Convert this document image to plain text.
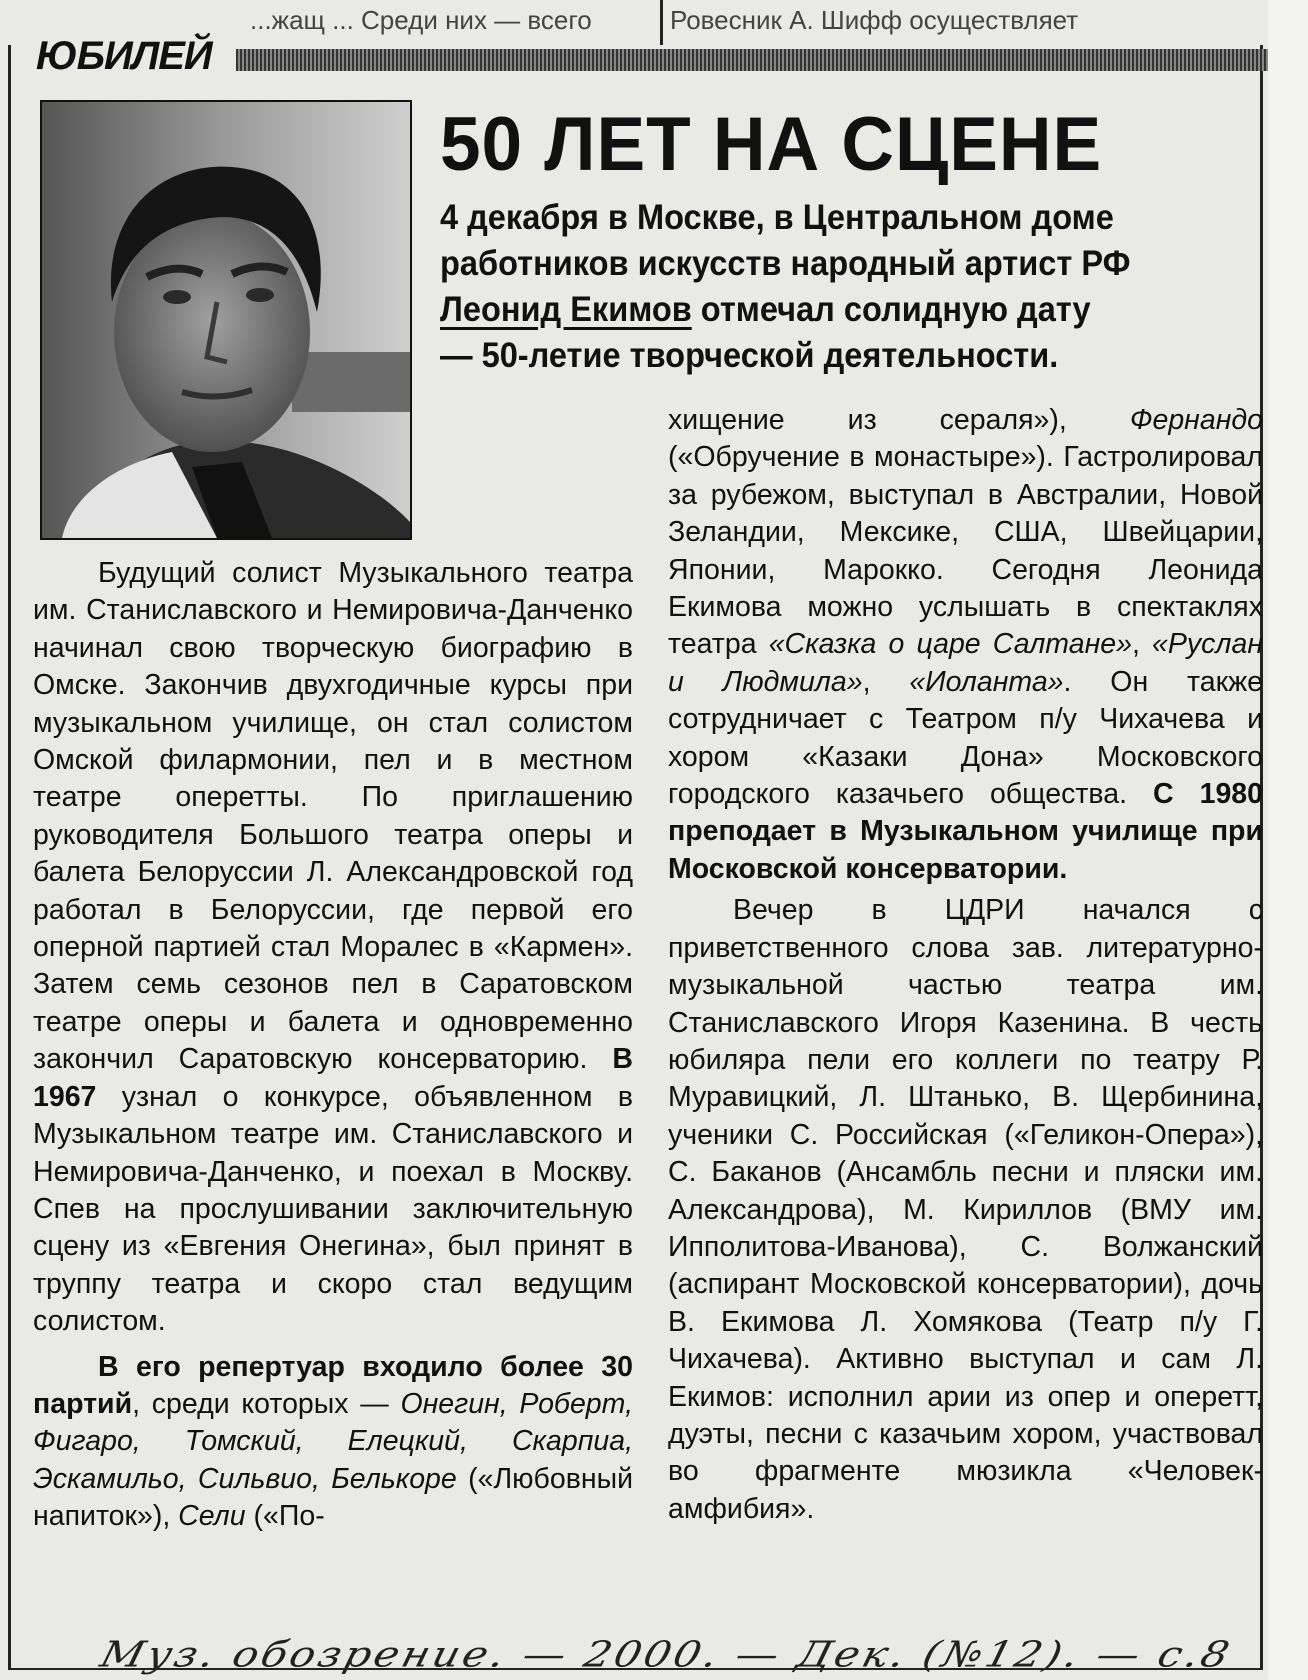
...жащ ... Среди них — всего	Ровесник A. Шифф осуществляет
ЮБИЛЕЙ
50 ЛЕТ НА СЦЕНЕ

4 декабря в Москве, в Центральном доме

работников искусств народный артист РФ

Леонид Екимов отмечал солидную дату

— 50-летие творческой деятельности.

Будущий солист Музыкального театра им. Станиславского и Немировича-Данченко начинал свою творческую биографию в Омске. Закончив двухгодичные курсы при музыкальном училище, он стал солистом Омской филармонии, пел и в местном театре оперетты. По приглашению руководителя Большого театра оперы и балета Белоруссии Л. Александровской год работал в Белоруссии, где первой его оперной партией стал Моралес в «Кармен». Затем семь сезонов пел в Саратовском театре оперы и балета и одновременно закончил Саратовскую консерваторию. В 1967 узнал о конкурсе, объявленном в Музыкальном театре им. Станиславского и Немировича-Данченко, и поехал в Москву. Спев на прослушивании заключительную сцену из «Евгения Онегина», был принят в труппу театра и скоро стал ведущим солистом.

В его репертуар входило более 30 партий, среди которых — Онегин, Роберт, Фигаро, Томский, Елецкий, Скарпиа, Эскамильо, Сильвио, Белькоре («Любовный напиток»), Сели («По-

хищение из сераля»), Фернандо («Обручение в монастыре»). Гастролировал за рубежом, выступал в Австралии, Новой Зеландии, Мексике, США, Швейцарии, Японии, Марокко. Сегодня Леонида Екимова можно услышать в спектаклях театра «Сказка о царе Салтане», «Руслан и Людмила», «Иоланта». Он также сотрудничает с Театром п/у Чихачева и хором «Казаки Дона» Московского городского казачьего общества. С 1980 преподает в Музыкальном училище при Московской консерватории.

Вечер в ЦДРИ начался с приветственного слова зав. литературно-музыкальной частью театра им. Станиславского Игоря Казенина. В честь юбиляра пели его коллеги по театру Р. Муравицкий, Л. Штанько, В. Щербинина, ученики С. Российская («Геликон-Опера»), С. Баканов (Ансамбль песни и пляски им. Александрова), М. Кириллов (ВМУ им. Ипполитова-Иванова), С. Волжанский (аспирант Московской консерватории), дочь В. Екимова Л. Хомякова (Театр п/у Г. Чихачева). Активно выступал и сам Л. Екимов: исполнил арии из опер и оперетт, дуэты, песни с казачьим хором, участвовал во фрагменте мюзикла «Человек-амфибия».

Муз. обозрение. — 2000. — Дек. (№12). — с.8
